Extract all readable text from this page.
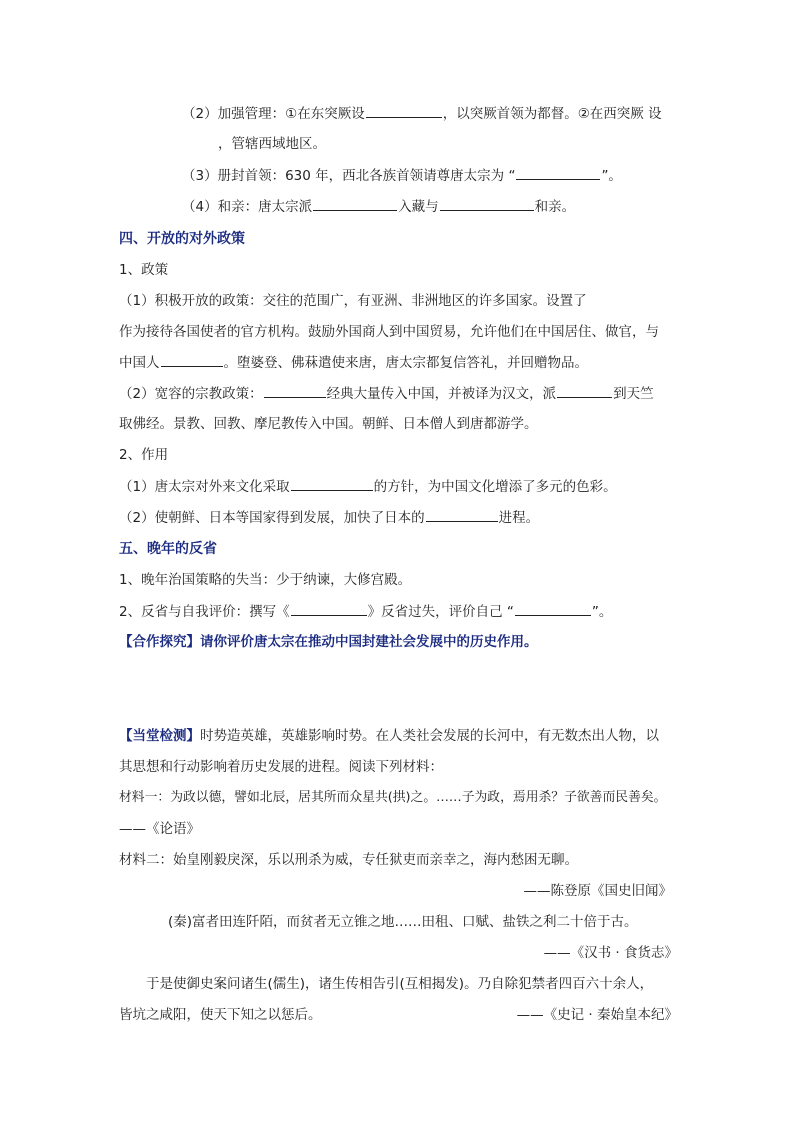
（2）加强管理：①在东突厥设	，以突厥首领为都督。②在西突厥 设
，管辖西域地区。
（3）册封首领：630 年，西北各族首领请尊唐太宗为 “	”。
（4）和亲：唐太宗派	入藏与	和亲。
四、开放的对外政策
1、政策
（1）积极开放的政策：交往的范围广，有亚洲、非洲地区的许多国家。设置了
作为接待各国使者的官方机构。鼓励外国商人到中国贸易，允许他们在中国居住、做官，与
中国人	。堕婆登、佛菻遣使来唐，唐太宗都复信答礼，并回赠物品。
（2）宽容的宗教政策：	经典大量传入中国，并被译为汉文，派	到天竺
取佛经。景教、回教、摩尼教传入中国。朝鲜、日本僧人到唐都游学。
2、作用
（1）唐太宗对外来文化采取	的方针，为中国文化增添了多元的色彩。
（2）使朝鲜、日本等国家得到发展，加快了日本的	进程。
五、晚年的反省
1、晚年治国策略的失当：少于纳谏，大修宫殿。
2、反省与自我评价：撰写《	》反省过失，评价自己 “	”。
【合作探究】请你评价唐太宗在推动中国封建社会发展中的历史作用。
【当堂检测】时势造英雄，英雄影响时势。在人类社会发展的长河中，有无数杰出人物，以
其思想和行动影响着历史发展的进程。阅读下列材料：
材料一：为政以德，譬如北辰，居其所而众星共(拱)之。……子为政，焉用杀？子欲善而民善矣。
——《论语》
材料二：始皇刚毅戾深，乐以刑杀为威，专任狱吏而亲幸之，海内愁困无聊。
——陈登原《国史旧闻》
(秦)富者田连阡陌，而贫者无立锥之地……田租、口赋、盐铁之利二十倍于古。
——《汉书 · 食货志》
于是使御史案问诸生(儒生)，诸生传相告引(互相揭发)。乃自除犯禁者四百六十余人，
皆坑之咸阳，使天下知之以惩后。	——《史记 · 秦始皇本纪》
